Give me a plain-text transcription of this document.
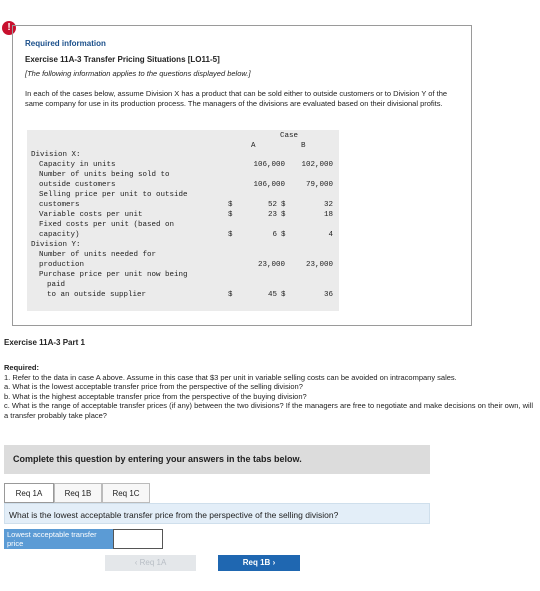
!
Required information
Exercise 11A-3 Transfer Pricing Situations [LO11-5]
[The following information applies to the questions displayed below.]
In each of the cases below, assume Division X has a product that can be sold either to outside customers or to Division Y of the same company for use in its production process. The managers of the divisions are evaluated based on their divisional profits.
Case
A	B
Division X:
Capacity in units	106,000 102,000
Number of units being sold to
outside customers	106,000	79,000
Selling price per unit to outside
customers	$	52 $	32
Variable costs per unit	$	23 $	18
Fixed costs per unit (based on
capacity)	$	6 $	4
Division Y:
Number of units needed for
production	23,000	23,000
Purchase price per unit now being
paid
to an outside supplier	$	45 $	36
Exercise 11A-3 Part 1
Required:
1. Refer to the data in case A above. Assume in this case that $3 per unit in variable selling costs can be avoided on intracompany sales.
a. What is the lowest acceptable transfer price from the perspective of the selling division?
b. What is the highest acceptable transfer price from the perspective of the buying division?
c. What is the range of acceptable transfer prices (if any) between the two divisions? If the managers are free to negotiate and make decisions on their own, will a transfer probably take place?
Complete this question by entering your answers in the tabs below.
Req 1A	Req 1B	Req 1C
What is the lowest acceptable transfer price from the perspective of the selling division?
Lowest acceptable transfer price
‹ Req 1A	Req 1B ›
